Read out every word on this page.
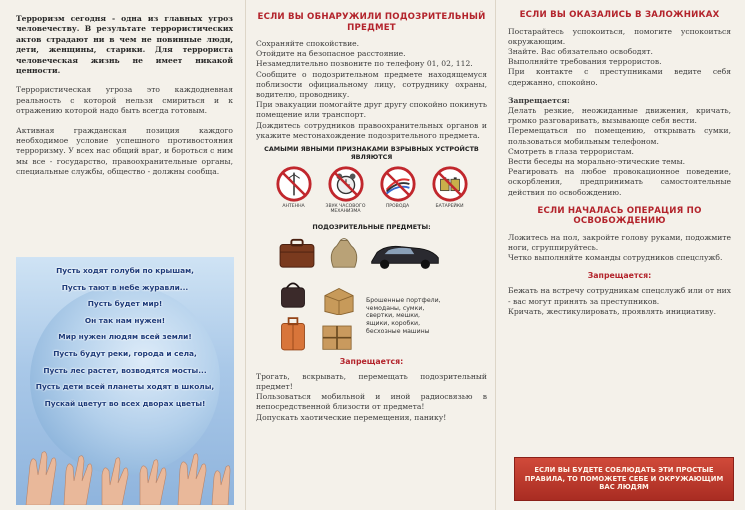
Терроризм сегодня - одна из главных угроз человечеству. В результате террористических актов страдают ни в чем не повинные люди, дети, женщины, старики. Для террориста человеческая жизнь не имеет никакой ценности.
Террористическая угроза это каждодневная реальность с которой нельзя смириться и к отражению которой надо быть всегда готовым.
Активная гражданская позиция каждого необходимое условие успешного противостояния терроризму. У всех нас общий враг, и бороться с ним мы все - государство, правоохранительные органы, специальные службы, общество - должны сообща.
ЕСЛИ ВЫ ОБНАРУЖИЛИ ПОДОЗРИТЕЛЬНЫЙ ПРЕДМЕТ
Сохраняйте спокойствие.
Отойдите на безопасное расстояние.
Незамедлительно позвоните по телефону 01, 02, 112.
Сообщите о подозрительном предмете находящемуся поблизости официальному лицу, сотруднику охраны, водителю, проводнику.
При эвакуации помогайте друг другу спокойно покинуть помещение или транспорт.
Дождитесь сотрудников правоохранительных органов и укажите местонахождение подозрительного предмета.
САМЫМИ ЯВНЫМИ ПРИЗНАКАМИ ВЗРЫВНЫХ УСТРОЙСТВ ЯВЛЯЮТСЯ
АНТЕННА	ЗВУК ЧАСОВОГО МЕХАНИЗМА
ПРОВОДА	БАТАРЕЙКИ
ПОДОЗРИТЕЛЬНЫЕ ПРЕДМЕТЫ:
Брошенные портфели,
чемоданы, сумки,
свертки, мешки,
ящики, коробки,
бесхозные машины
Запрещается:
Трогать, вскрывать, перемещать подозрительный предмет!
Пользоваться мобильной и иной радиосвязью в непосредственной близости от предмета!
Допускать хаотические перемещения, панику!
ЕСЛИ ВЫ ОКАЗАЛИСЬ В ЗАЛОЖНИКАХ
Постарайтесь успокоиться, помогите успокоиться окружающим.
Знайте. Вас обязательно освободят.
Выполняйте требования террористов.
При контакте с преступниками ведите себя сдержанно, спокойно.
Запрещается:
Делать резкие, неожиданные движения, кричать, громко разговаривать, вызывающе себя вести.
Перемещаться по помещению, открывать сумки, пользоваться мобильным телефоном.
Смотреть в глаза террористам.
Вести беседы на морально-этические темы.
Реагировать на любое провокационное поведение, оскорбления, предпринимать самостоятельные действия по освобождению.
ЕСЛИ НАЧАЛАСЬ ОПЕРАЦИЯ ПО ОСВОБОЖДЕНИЮ
Ложитесь на пол, закройте голову руками, подожмите ноги, сгруппируйтесь.
Четко выполняйте команды сотрудников спецслужб.
Запрещается:
Бежать на встречу сотрудникам спецслужб или от них - вас могут принять за преступников.
Кричать, жестикулировать, проявлять инициативу.
Пусть ходят голуби по крышам,
Пусть тают в небе журавли...
Пусть будет мир!
Он так нам нужен!
Мир нужен людям всей земли!
Пусть будут реки, города и села,
Пусть лес растет, возводятся мосты...
Пусть дети всей планеты ходят в школы,
Пускай цветут во всех дворах цветы!
ЕСЛИ ВЫ БУДЕТЕ СОБЛЮДАТЬ ЭТИ ПРОСТЫЕ ПРАВИЛА, ТО ПОМОЖЕТЕ СЕБЕ И ОКРУЖАЮЩИМ ВАС ЛЮДЯМ
